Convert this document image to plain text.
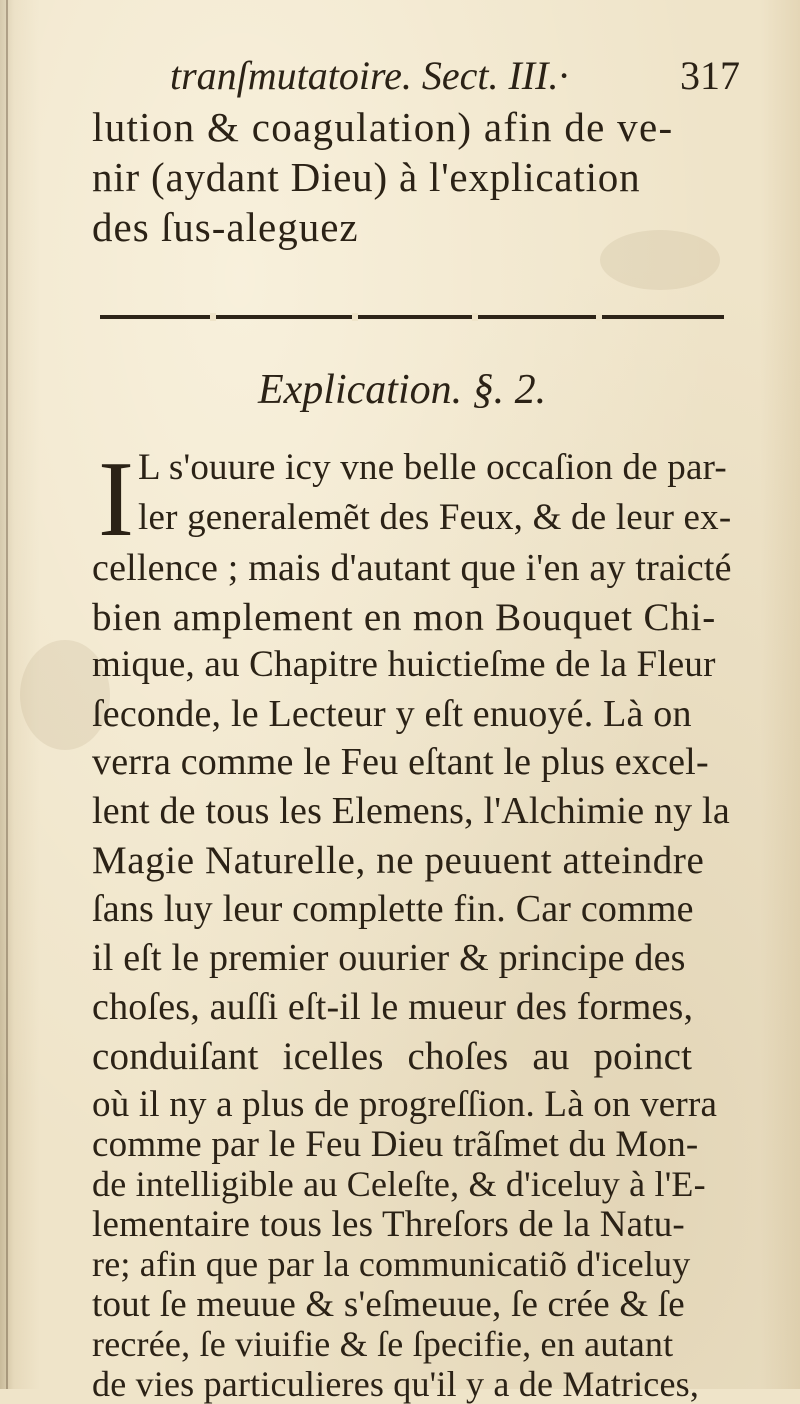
tranſmutatoire. Sect. III.·	317
lution & coagulation) afin de ve-
nir (aydant Dieu) à l'explication
des ſus-aleguez
Explication. §. 2.
I L s'ouure icy vne belle occaſion de par-
ler generalemẽt des Feux, & de leur ex-
cellence ; mais d'autant que i'en ay traicté
bien amplement en mon Bouquet Chi-
mique, au Chapitre huictieſme de la Fleur
ſeconde, le Lecteur y eſt enuoyé. Là on
verra comme le Feu eſtant le plus excel-
lent de tous les Elemens, l'Alchimie ny la
Magie Naturelle, ne peuuent atteindre
ſans luy leur complette fin. Car comme
il eſt le premier ouurier & principe des
choſes, auſſi eſt-il le mueur des formes,
conduiſant icelles choſes au poinct
où il ny a plus de progreſſion. Là on verra
comme par le Feu Dieu trãſmet du Mon-
de intelligible au Celeſte, & d'iceluy à l'E-
lementaire tous les Threſors de la Natu-
re; afin que par la communicatiõ d'iceluy
tout ſe meuue & s'eſmeuue, ſe crée & ſe
recrée, ſe viuifie & ſe ſpecifie, en autant
de vies particulieres qu'il y a de Matrices,
